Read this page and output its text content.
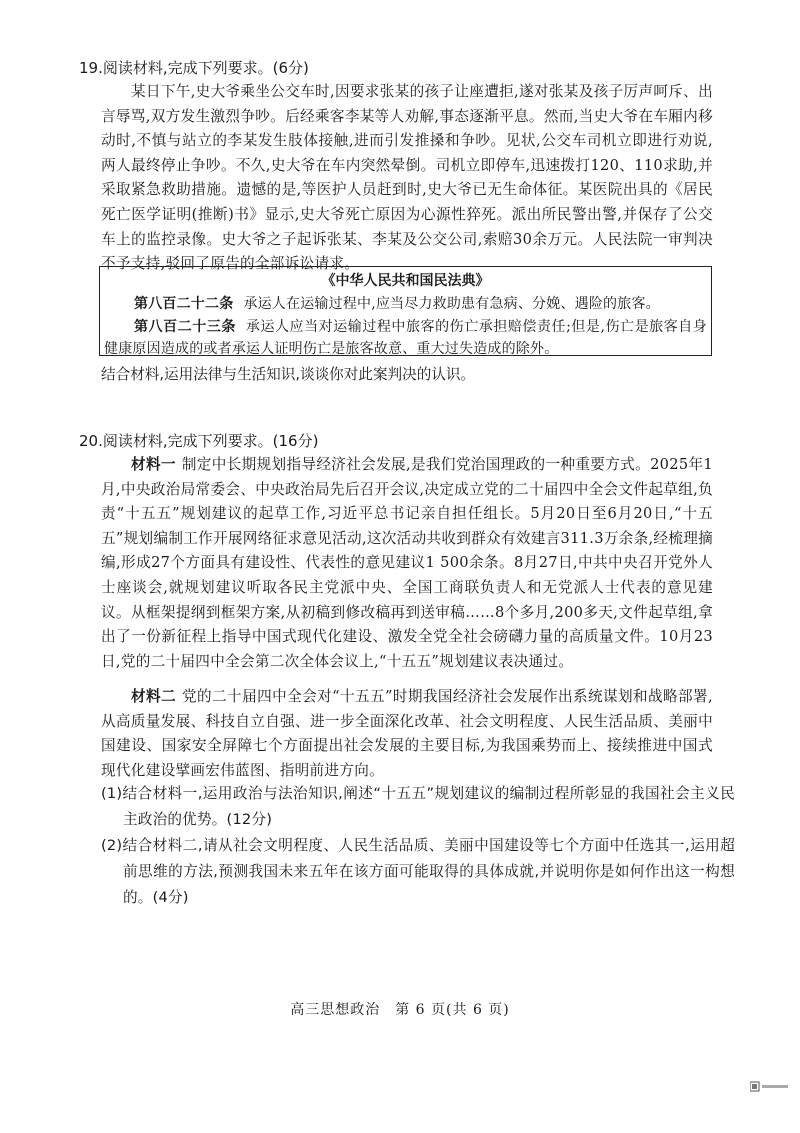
19.阅读材料,完成下列要求。(6分)
某日下午,史大爷乘坐公交车时,因要求张某的孩子让座遭拒,遂对张某及孩子厉声呵斥、出言辱骂,双方发生激烈争吵。后经乘客李某等人劝解,事态逐渐平息。然而,当史大爷在车厢内移动时,不慎与站立的李某发生肢体接触,进而引发推搡和争吵。见状,公交车司机立即进行劝说,两人最终停止争吵。不久,史大爷在车内突然晕倒。司机立即停车,迅速拨打120、110求助,并采取紧急救助措施。遗憾的是,等医护人员赶到时,史大爷已无生命体征。某医院出具的《居民死亡医学证明(推断)书》显示,史大爷死亡原因为心源性猝死。派出所民警出警,并保存了公交车上的监控录像。史大爷之子起诉张某、李某及公交公司,索赔30余万元。人民法院一审判决不予支持,驳回了原告的全部诉讼请求。
《中华人民共和国民法典》
第八百二十二条 承运人在运输过程中,应当尽力救助患有急病、分娩、遇险的旅客。
第八百二十三条 承运人应当对运输过程中旅客的伤亡承担赔偿责任;但是,伤亡是旅客自身健康原因造成的或者承运人证明伤亡是旅客故意、重大过失造成的除外。
结合材料,运用法律与生活知识,谈谈你对此案判决的认识。
20.阅读材料,完成下列要求。(16分)
材料一 制定中长期规划指导经济社会发展,是我们党治国理政的一种重要方式。2025年1月,中央政治局常委会、中央政治局先后召开会议,决定成立党的二十届四中全会文件起草组,负责“十五五”规划建议的起草工作,习近平总书记亲自担任组长。5月20日至6月20日,“十五五”规划编制工作开展网络征求意见活动,这次活动共收到群众有效建言311.3万余条,经梳理摘编,形成27个方面具有建设性、代表性的意见建议1 500余条。8月27日,中共中央召开党外人士座谈会,就规划建议听取各民主党派中央、全国工商联负责人和无党派人士代表的意见建议。从框架提纲到框架方案,从初稿到修改稿再到送审稿……8个多月,200多天,文件起草组,拿出了一份新征程上指导中国式现代化建设、激发全党全社会磅礴力量的高质量文件。10月23日,党的二十届四中全会第二次全体会议上,“十五五”规划建议表决通过。
材料二 党的二十届四中全会对“十五五”时期我国经济社会发展作出系统谋划和战略部署,从高质量发展、科技自立自强、进一步全面深化改革、社会文明程度、人民生活品质、美丽中国建设、国家安全屏障七个方面提出社会发展的主要目标,为我国乘势而上、接续推进中国式现代化建设擘画宏伟蓝图、指明前进方向。
(1)结合材料一,运用政治与法治知识,阐述“十五五”规划建议的编制过程所彰显的我国社会主义民主政治的优势。(12分)
(2)结合材料二,请从社会文明程度、人民生活品质、美丽中国建设等七个方面中任选其一,运用超前思维的方法,预测我国未来五年在该方面可能取得的具体成就,并说明你是如何作出这一构想的。(4分)
高三思想政治　第 6 页(共 6 页)
